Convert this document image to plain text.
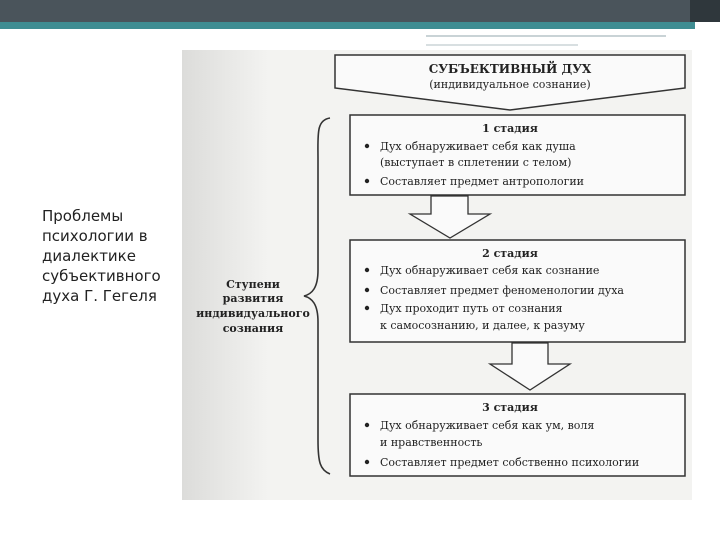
Проблемы
психологии в
диалектике
субъективного
духа Г. Гегеля
СУБЪЕКТИВНЫЙ ДУХ
(индивидуальное сознание)
1 стадия
Дух обнаруживает себя как душа
(выступает в сплетении с телом)
Составляет предмет антропологии
2 стадия
Дух обнаруживает себя как сознание
Составляет предмет феноменологии духа
Дух проходит путь от сознания
к самосознанию, и далее, к разуму
3 стадия
Дух обнаруживает себя как ум, воля
и нравственность
Составляет предмет собственно психологии
Ступени
развития
индивидуального
сознания
